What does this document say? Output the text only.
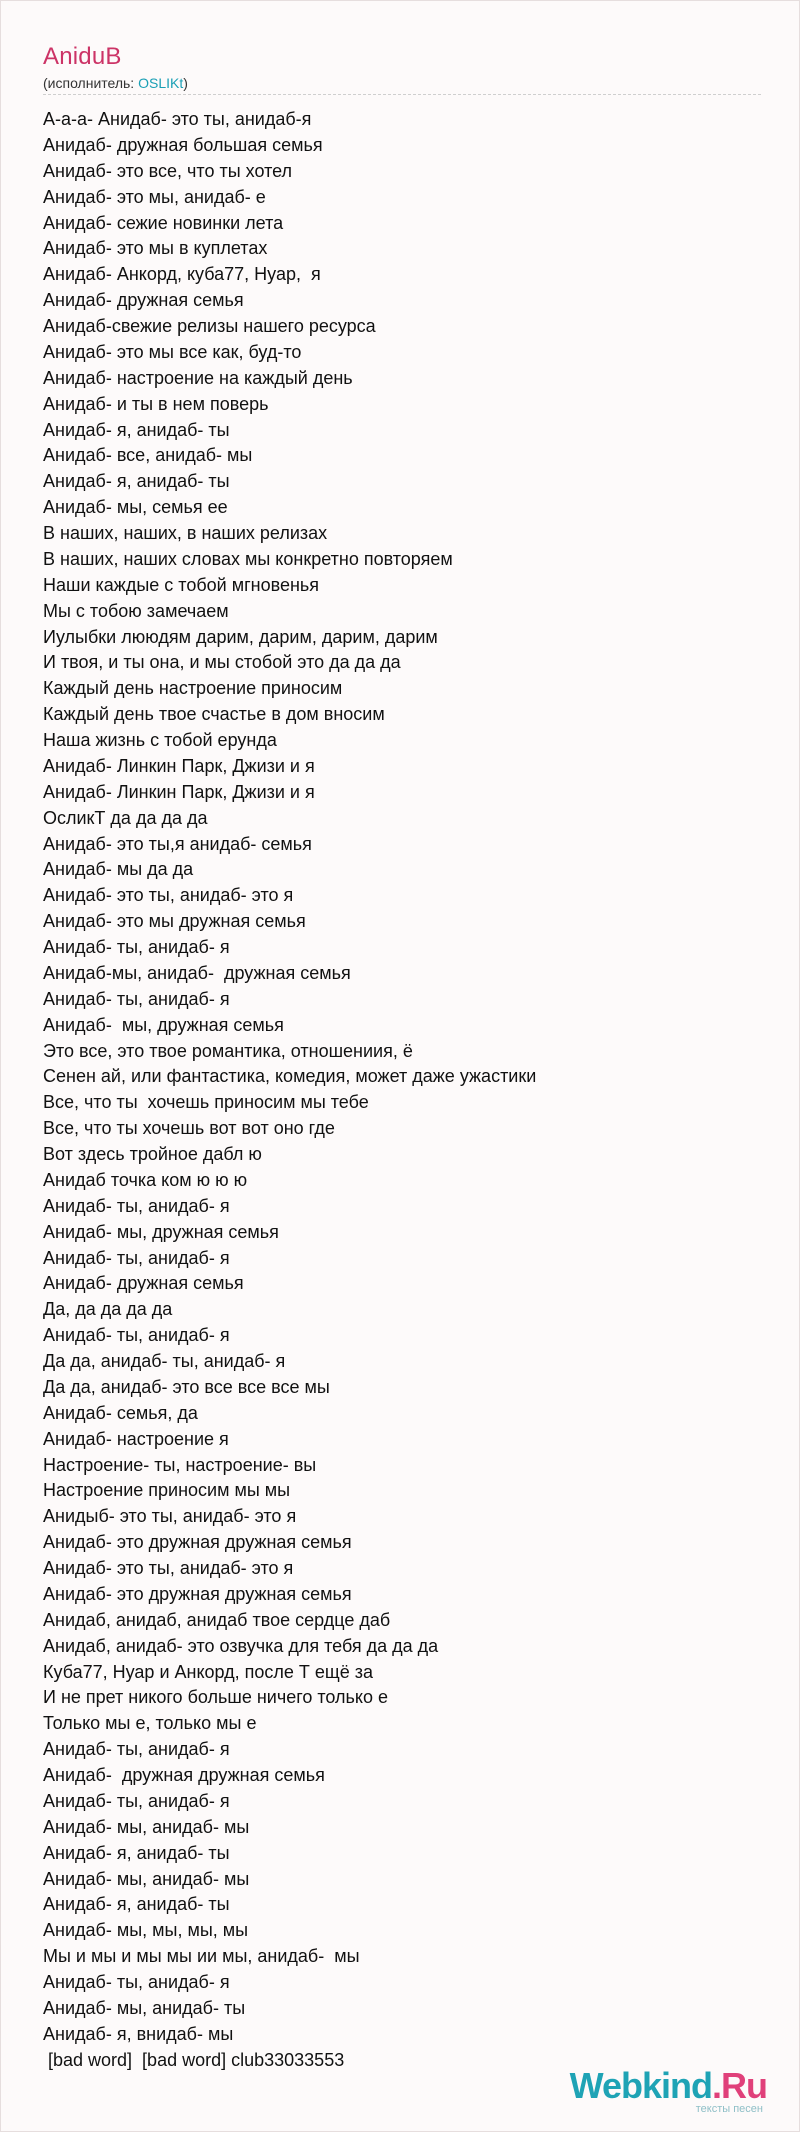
AniduB
(исполнитель: OSLIKt)
А-а-а- Анидаб- это ты, анидаб-я
Анидаб- дружная большая семья
Анидаб- это все, что ты хотел
Анидаб- это мы, анидаб- е
Анидаб- сежие новинки лета
Анидаб- это мы в куплетах
Анидаб- Анкорд, куба77, Нуар,  я
Анидаб- дружная семья
Анидаб-свежие релизы нашего ресурса
Анидаб- это мы все как, буд-то
Анидаб- настроение на каждый день
Анидаб- и ты в нем поверь
Анидаб- я, анидаб- ты
Анидаб- все, анидаб- мы
Анидаб- я, анидаб- ты
Анидаб- мы, семья ее
В наших, наших, в наших релизах
В наших, наших словах мы конкретно повторяем
Наши каждые с тобой мгновенья
Мы с тобою замечаем
Иулыбки лююдям дарим, дарим, дарим, дарим
И твоя, и ты она, и мы стобой это да да да
Каждый день настроение приносим
Каждый день твое счастье в дом вносим
Наша жизнь с тобой ерунда
Анидаб- Линкин Парк, Джизи и я
Анидаб- Линкин Парк, Джизи и я
ОсликТ да да да да
Анидаб- это ты,я анидаб- семья
Анидаб- мы да да
Анидаб- это ты, анидаб- это я
Анидаб- это мы дружная семья
Анидаб- ты, анидаб- я
Анидаб-мы, анидаб-  дружная семья
Анидаб- ты, анидаб- я
Анидаб-  мы, дружная семья
Это все, это твое романтика, отношениия, ё
Сенен ай, или фантастика, комедия, может даже ужастики
Все, что ты  хочешь приносим мы тебе
Все, что ты хочешь вот вот оно где
Вот здесь тройное дабл ю
Анидаб точка ком ю ю ю
Анидаб- ты, анидаб- я
Анидаб- мы, дружная семья
Анидаб- ты, анидаб- я
Анидаб- дружная семья
Да, да да да да
Анидаб- ты, анидаб- я
Да да, анидаб- ты, анидаб- я
Да да, анидаб- это все все все мы
Анидаб- семья, да
Анидаб- настроение я
Настроение- ты, настроение- вы
Настроение приносим мы мы
Анидыб- это ты, анидаб- это я
Анидаб- это дружная дружная семья
Анидаб- это ты, анидаб- это я
Анидаб- это дружная дружная семья
Анидаб, анидаб, анидаб твое сердце даб
Анидаб, анидаб- это озвучка для тебя да да да
Куба77, Нуар и Анкорд, после Т ещё за
И не прет никого больше ничего только е
Только мы е, только мы е
Анидаб- ты, анидаб- я
Анидаб-  дружная дружная семья
Анидаб- ты, анидаб- я
Анидаб- мы, анидаб- мы
Анидаб- я, анидаб- ты
Анидаб- мы, анидаб- мы
Анидаб- я, анидаб- ты
Анидаб- мы, мы, мы, мы
Мы и мы и мы мы ии мы, анидаб-  мы
Анидаб- ты, анидаб- я
Анидаб- мы, анидаб- ты
Анидаб- я, внидаб- мы
[bad word]  [bad word] club33033553
Webkind.Ru
тексты песен
